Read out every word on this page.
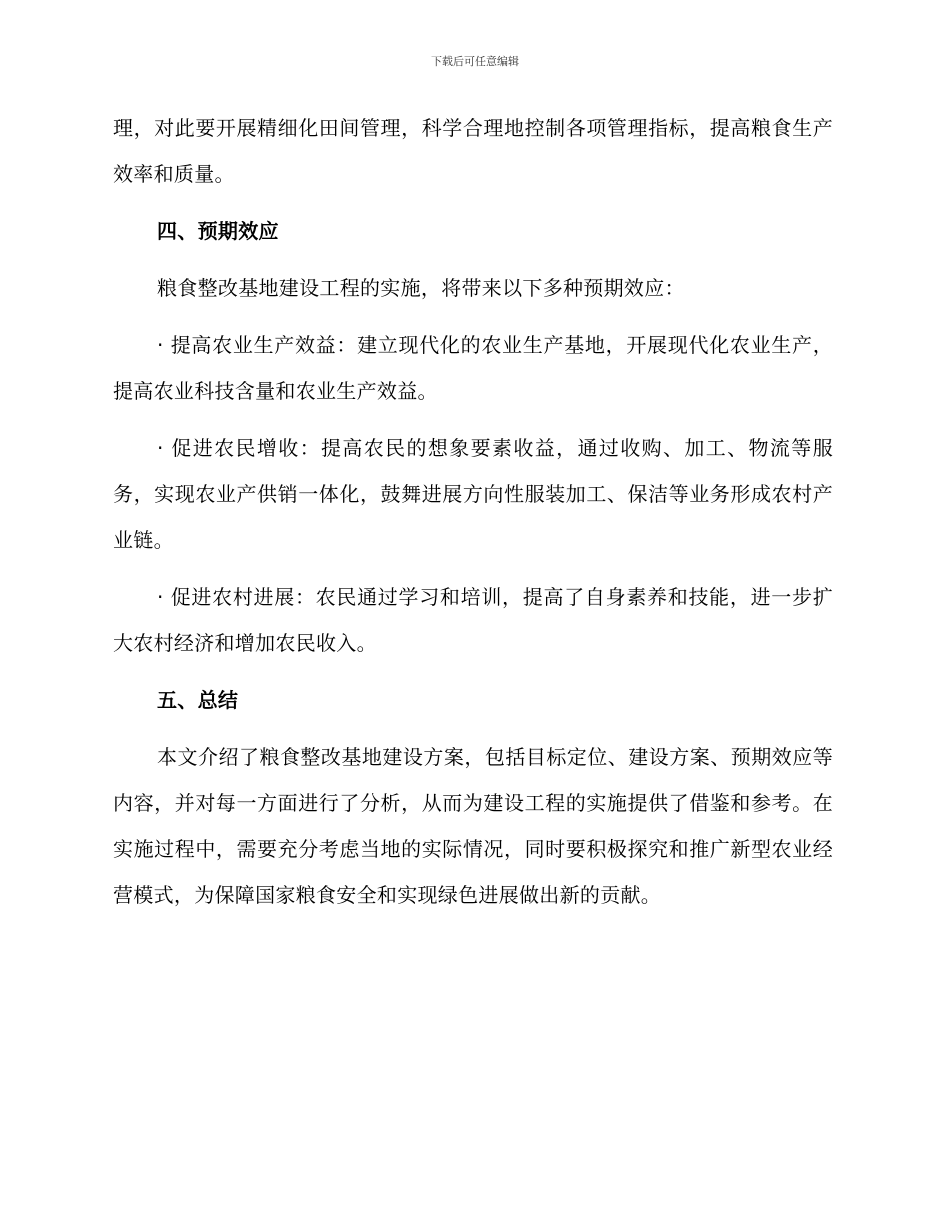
下载后可任意编辑

理，对此要开展精细化田间管理，科学合理地控制各项管理指标，提高粮食生产效率和质量。

四、预期效应

粮食整改基地建设工程的实施，将带来以下多种预期效应：

· 提高农业生产效益：建立现代化的农业生产基地，开展现代化农业生产，提高农业科技含量和农业生产效益。

· 促进农民增收：提高农民的想象要素收益，通过收购、加工、物流等服务，实现农业产供销一体化，鼓舞进展方向性服装加工、保洁等业务形成农村产业链。

· 促进农村进展：农民通过学习和培训，提高了自身素养和技能，进一步扩大农村经济和增加农民收入。

五、总结

本文介绍了粮食整改基地建设方案，包括目标定位、建设方案、预期效应等内容，并对每一方面进行了分析，从而为建设工程的实施提供了借鉴和参考。在实施过程中，需要充分考虑当地的实际情况，同时要积极探究和推广新型农业经营模式，为保障国家粮食安全和实现绿色进展做出新的贡献。
